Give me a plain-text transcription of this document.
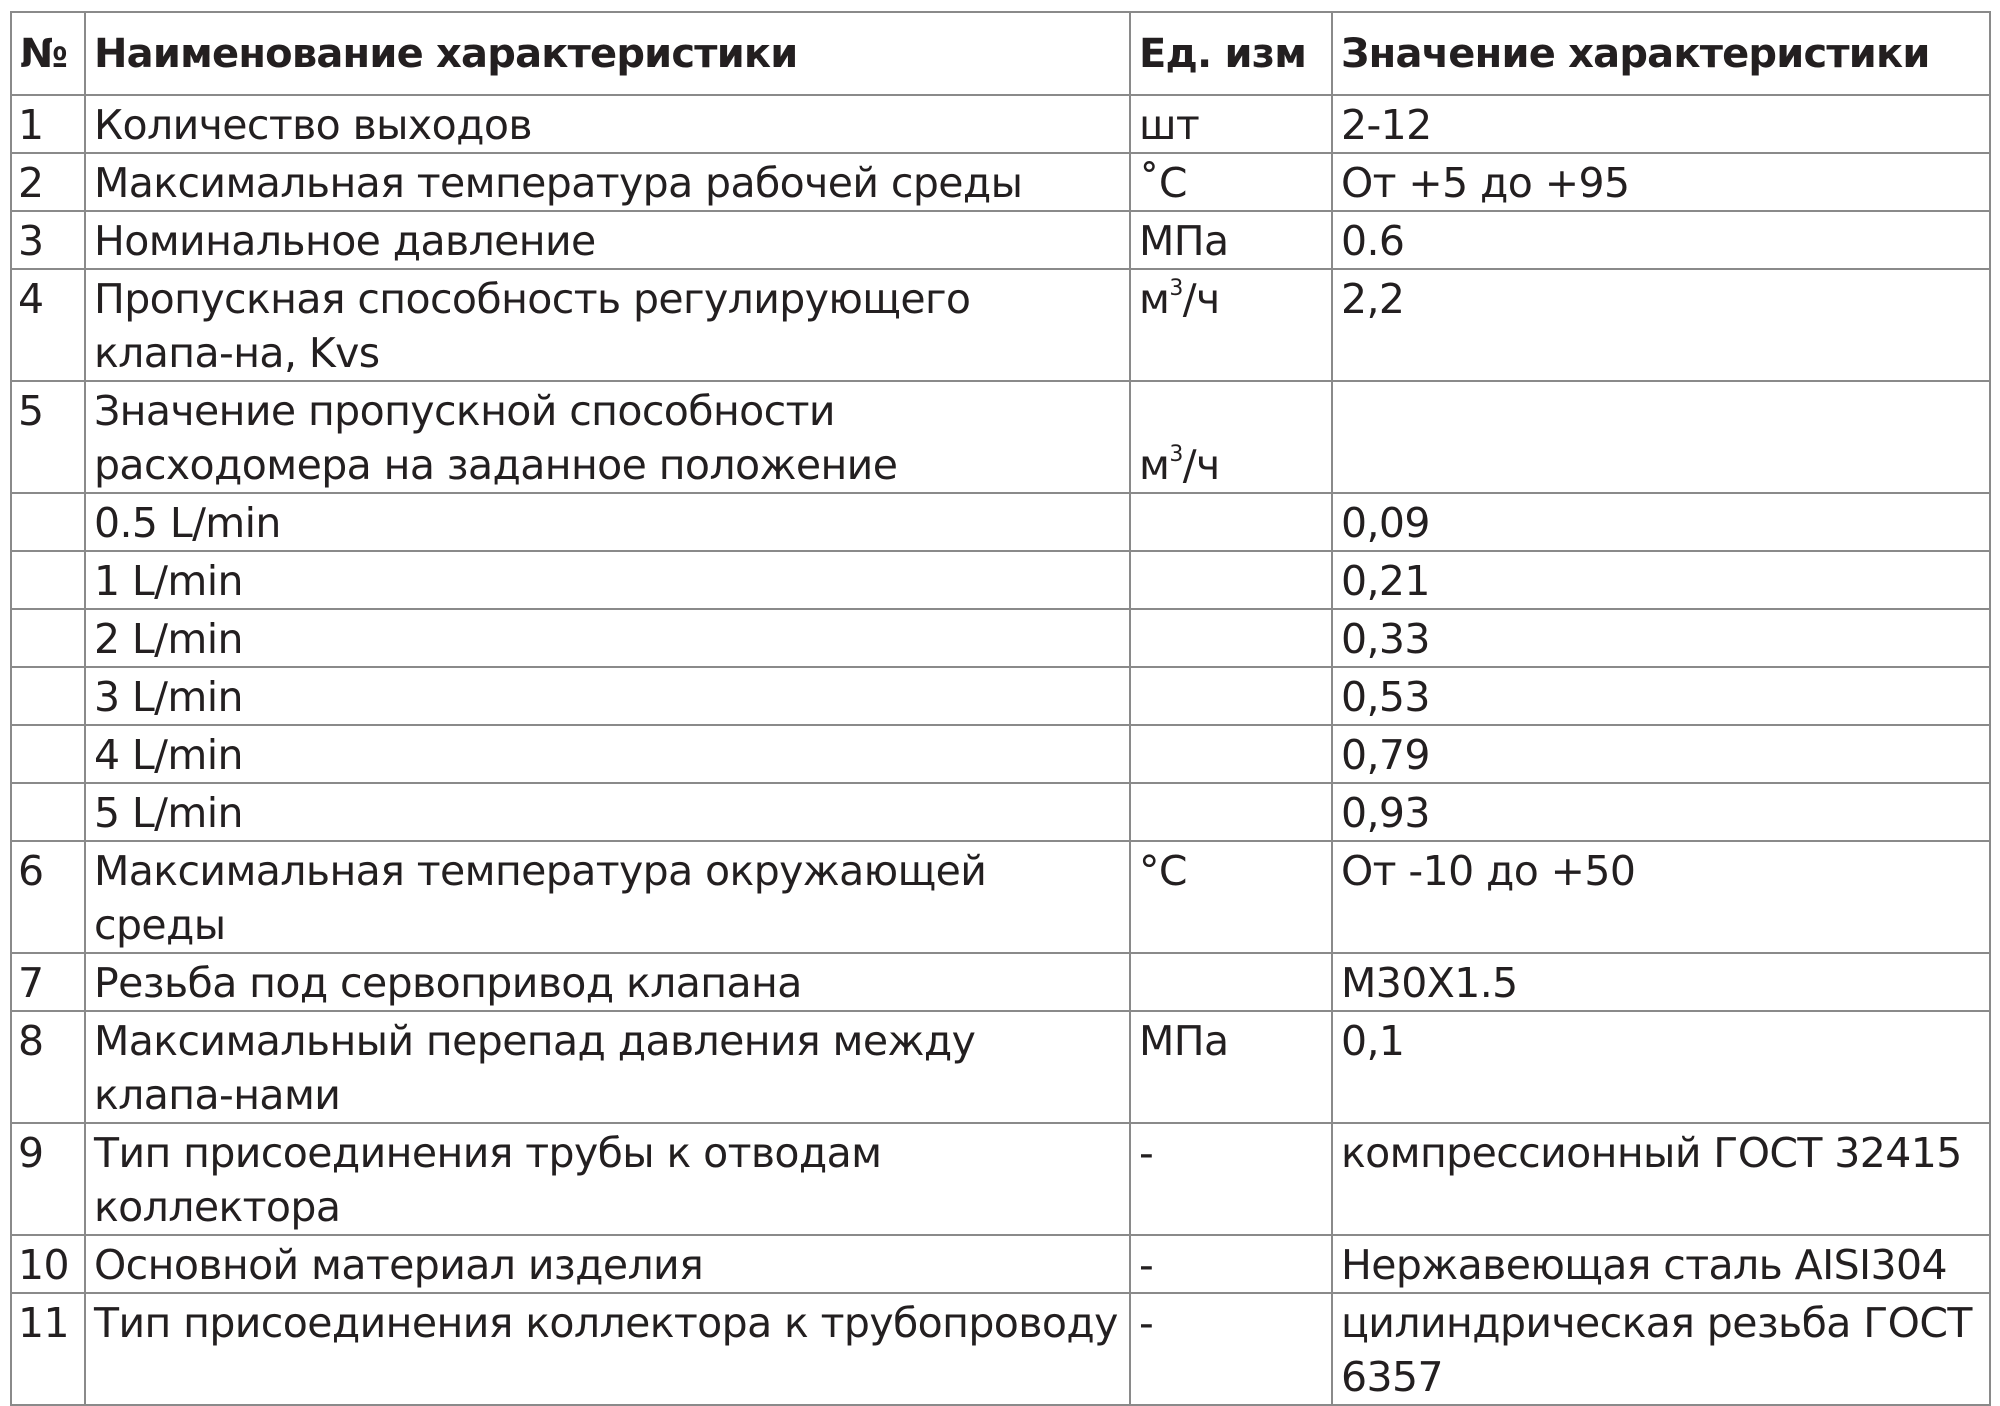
№	Наименование характеристики	Ед. изм	Значение характеристики
1	Количество выходов	шт	2-12
2	Максимальная температура рабочей среды	˚С	От +5 до +95
3	Номинальное давление	МПа	0.6
4	Пропускная способность регулирующего клапа-на, Kvs	$м^3/ч$	2,2
5	Значение пропускной способности расходомера на заданное положение	$м^3/ч$	
	0.5 L/min		0,09
	1 L/min		0,21
	2 L/min		0,33
	3 L/min		0,53
	4 L/min		0,79
	5 L/min		0,93
6	Максимальная температура окружающей среды	°С	От -10 до +50
7	Резьба под сервопривод клапана		М30Х1.5
8	Максимальный перепад давления между клапа-нами	МПа	0,1
9	Тип присоединения трубы к отводам коллектора	-	компрессионный ГОСТ 32415
10	Основной материал изделия	-	Нержавеющая сталь AISI304
11	Тип присоединения коллектора к трубопроводу	-	цилиндрическая резьба ГОСТ 6357
